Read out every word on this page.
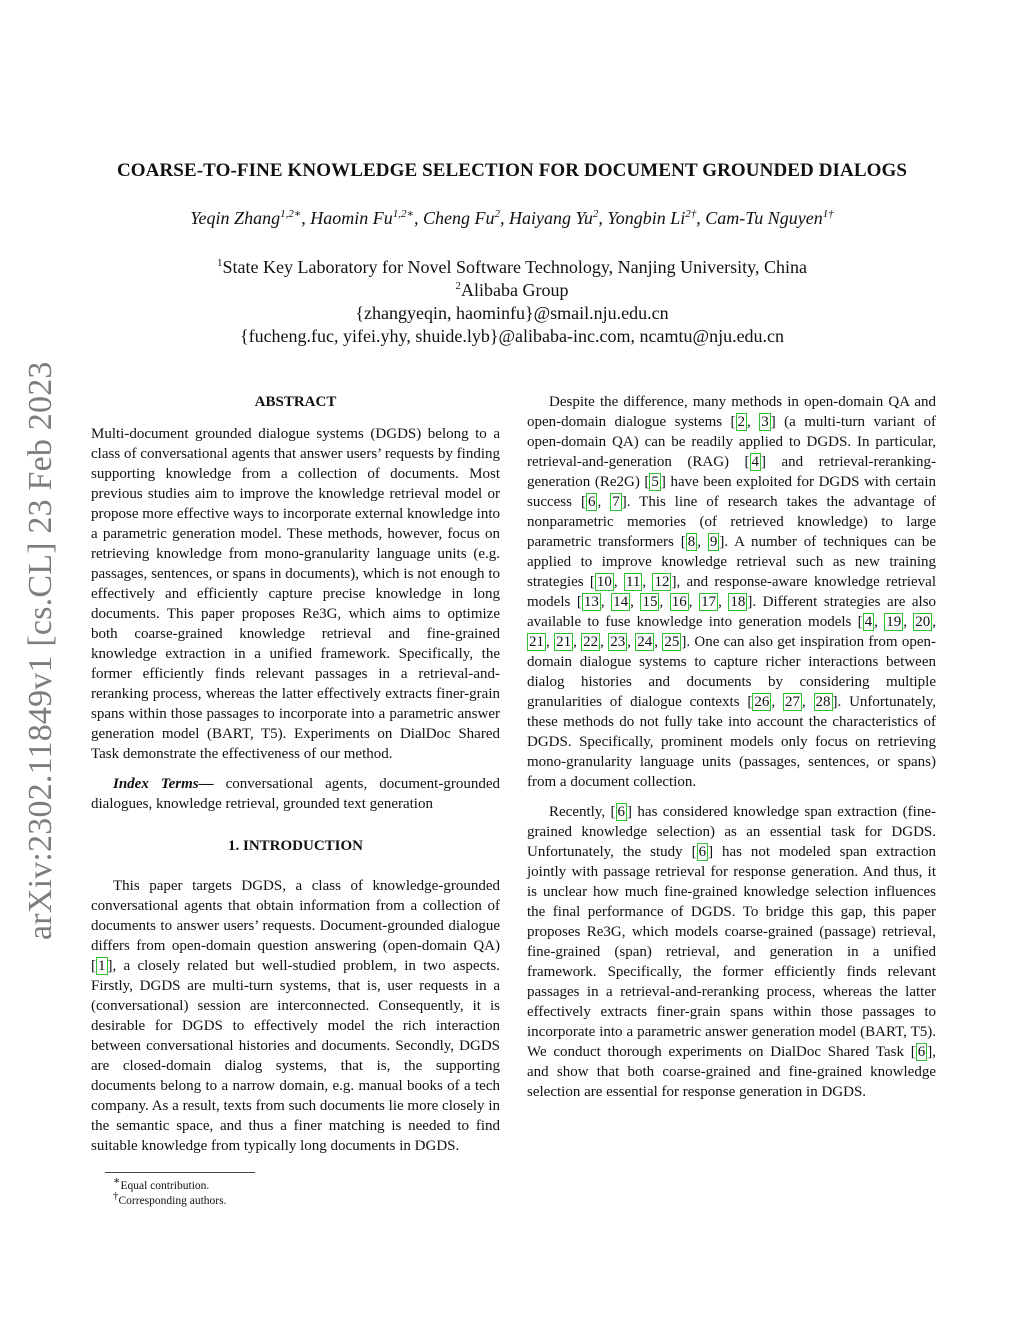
arXiv:2302.11849v1 [cs.CL] 23 Feb 2023
COARSE-TO-FINE KNOWLEDGE SELECTION FOR DOCUMENT GROUNDED DIALOGS
Yeqin Zhang$^{1,2∗}$, Haomin $Fu^{1,2∗}$, Cheng Fu$^2$, Haiyang Yu$^2$, Yongbin $Li^{2\dagger}$, Cam-Tu Nguyen$^{1\dagger}$
$^1$State Key Laboratory for Novel Software Technology, Nanjing University, China
$^2$Alibaba Group
{zhangyeqin, haominfu}@smail.nju.edu.cn
{fucheng.fuc, yifei.yhy, shuide.lyb}@alibaba-inc.com, ncamtu@nju.edu.cn
ABSTRACT

Multi-document grounded dialogue systems (DGDS) belong to a class of conversational agents that answer users’ requests by finding supporting knowledge from a collection of documents. Most previous studies aim to improve the knowledge retrieval model or propose more effective ways to incorporate external knowledge into a parametric generation model. These methods, however, focus on retrieving knowledge from mono-granularity language units (e.g. passages, sentences, or spans in documents), which is not enough to effectively and efficiently capture precise knowledge in long documents. This paper proposes Re3G, which aims to optimize both coarse-grained knowledge retrieval and fine-grained knowledge extraction in a unified framework. Specifically, the former efficiently finds relevant passages in a retrieval-and-reranking process, whereas the latter effectively extracts finer-grain spans within those passages to incorporate into a parametric answer generation model (BART, T5). Experiments on DialDoc Shared Task demonstrate the effectiveness of our method.

Index Terms— conversational agents, document-grounded dialogues, knowledge retrieval, grounded text generation

1. INTRODUCTION

This paper targets DGDS, a class of knowledge-grounded conversational agents that obtain information from a collection of documents to answer users’ requests. Document-grounded dialogue differs from open-domain question answering (open-domain QA)[ 1 ], a closely related but well-studied problem, in two aspects. Firstly, DGDS are multi-turn systems, that is, user requests in a (conversational) session are interconnected. Consequently, it is desirable for DGDS to effectively model the rich interaction between conversational histories and documents. Secondly, DGDS are closed-domain dialog systems, that is, the supporting documents belong to a narrow domain, e.g. manual books of a tech company. As a result, texts from such documents lie more closely in the semantic space, and thus a finer matching is needed to find suitable knowledge from typically long documents in DGDS.

∗Equal contribution.
†Corresponding authors.

Despite the difference, many methods in open-domain QA and open-domain dialogue systems [ 2 , 3 ] (a multi-turn variant of open-domain QA) can be readily applied to DGDS. In particular, retrieval-and-generation (RAG) [ 4 ] and retrieval-reranking-generation (Re2G) [ 5 ] have been exploited for DGDS with certain success [ 6 , 7 ]. This line of research takes the advantage of nonparametric memories (of retrieved knowledge) to large parametric transformers [ 8 , 9 ]. A number of techniques can be applied to improve knowledge retrieval such as new training strategies [ 10 , 11 , 12 ], and response-aware knowledge retrieval models [ 13 , 14 , 15 , 16 , 17 , 18 ]. Different strategies are also available to fuse knowledge into generation models [ 4 , 19 , 20 , 21 , 21 , 22 , 23 , 24 , 25 ]. One can also get inspiration from open-domain dialogue systems to capture richer interactions between dialog histories and documents by considering multiple granularities of dialogue contexts [ 26 , 27 , 28 ]. Unfortunately, these methods do not fully take into account the characteristics of DGDS. Specifically, prominent models only focus on retrieving mono-granularity language units (passages, sentences, or spans) from a document collection.

Recently, [ 6 ] has considered knowledge span extraction (fine-grained knowledge selection) as an essential task for DGDS. Unfortunately, the study [ 6 ] has not modeled span extraction jointly with passage retrieval for response generation. And thus, it is unclear how much fine-grained knowledge selection influences the final performance of DGDS. To bridge this gap, this paper proposes Re3G, which models coarse-grained (passage) retrieval, fine-grained (span) retrieval, and generation in a unified framework. Specifically, the former efficiently finds relevant passages in a retrieval-and-reranking process, whereas the latter effectively extracts finer-grain spans within those passages to incorporate into a parametric answer generation model (BART, T5). We conduct thorough experiments on DialDoc Shared Task [ 6 ], and show that both coarse-grained and fine-grained knowledge selection are essential for response generation in DGDS.
